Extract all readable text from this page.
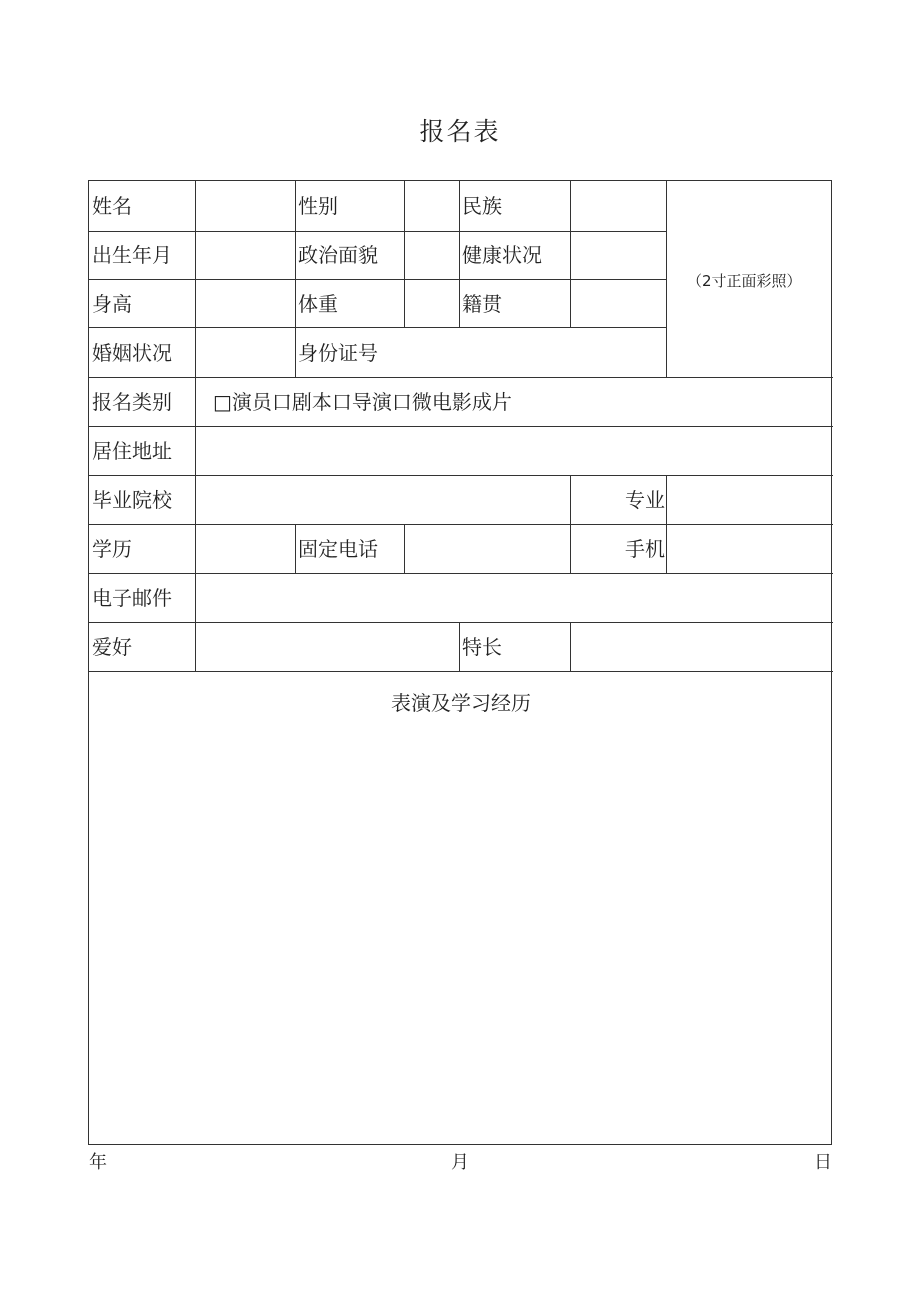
报名表
姓名	性别	民族
出生年月	政治面貌	健康状况
身高	体重	籍贯
婚姻状况	身份证号
（2寸正面彩照）
报名类别 □演员口剧本口导演口微电影成片
居住地址
毕业院校	专业
学历	固定电话	手机
电子邮件
爱好	特长
表演及学习经历
年	月	日
